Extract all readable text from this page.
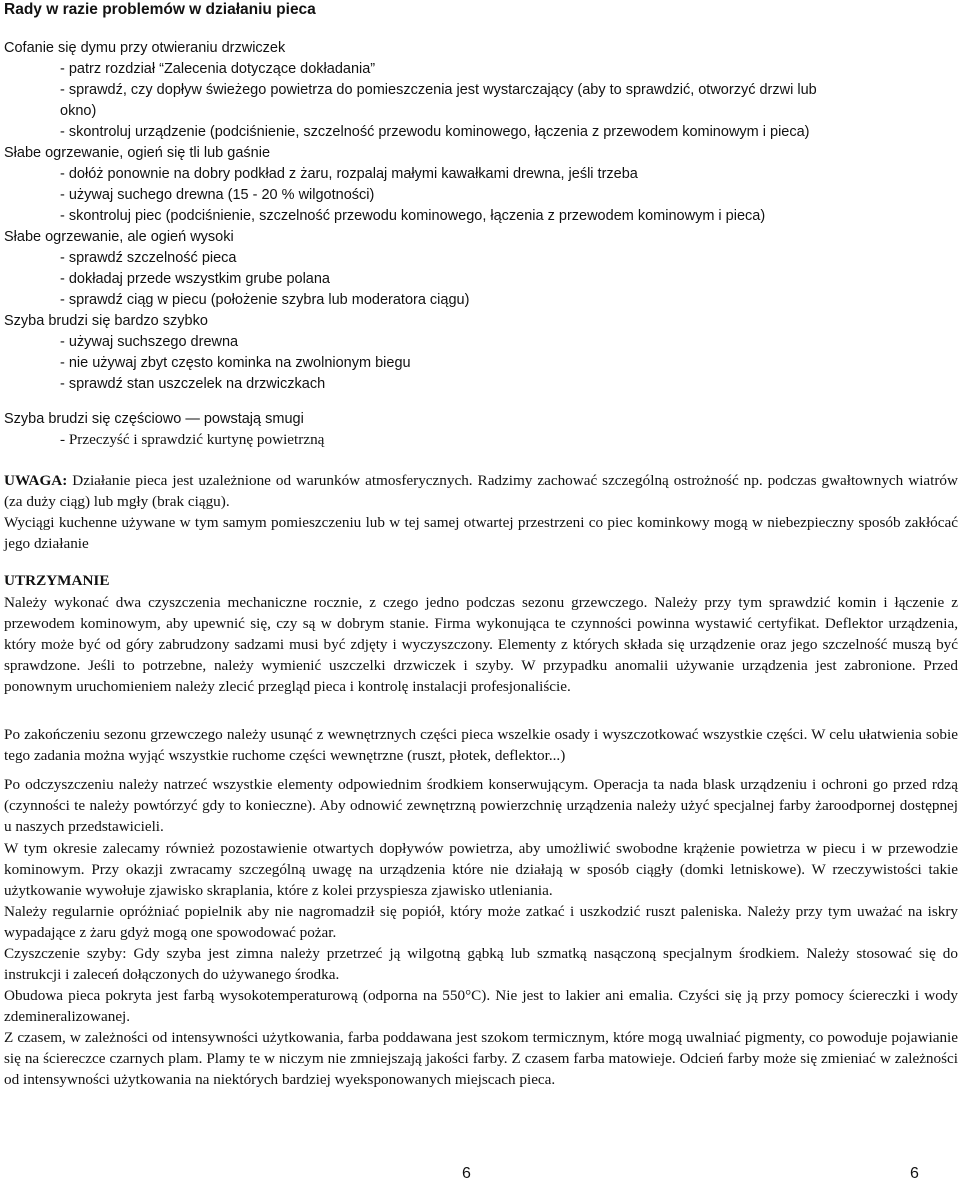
Rady w razie problemów w działaniu pieca
Cofanie się dymu przy otwieraniu drzwiczek
- patrz rozdział “Zalecenia dotyczące dokładania”
- sprawdź, czy dopływ świeżego powietrza do pomieszczenia jest wystarczający (aby to sprawdzić, otworzyć drzwi lub
okno)
- skontroluj urządzenie (podciśnienie, szczelność przewodu kominowego, łączenia z przewodem kominowym i pieca)
Słabe ogrzewanie, ogień się tli lub gaśnie
- dołóż ponownie na dobry podkład z żaru, rozpalaj małymi kawałkami drewna, jeśli trzeba
- używaj suchego drewna (15 - 20 % wilgotności)
- skontroluj piec (podciśnienie, szczelność przewodu kominowego, łączenia z przewodem kominowym i pieca)
Słabe ogrzewanie, ale ogień wysoki
- sprawdź szczelność pieca
- dokładaj przede wszystkim grube polana
- sprawdź ciąg w piecu (położenie szybra lub moderatora ciągu)
Szyba brudzi się bardzo szybko
- używaj suchszego drewna
- nie używaj zbyt często kominka na zwolnionym biegu
- sprawdź stan uszczelek na drzwiczkach
Szyba brudzi się częściowo — powstają smugi
- Przeczyść i sprawdzić kurtynę powietrzną
UWAGA: Działanie pieca jest uzależnione od warunków atmosferycznych. Radzimy zachować szczególną ostrożność np. podczas gwałtownych wiatrów (za duży ciąg) lub mgły (brak ciągu).
Wyciągi kuchenne używane w tym samym pomieszczeniu lub w tej samej otwartej przestrzeni co piec kominkowy mogą w niebezpieczny sposób zakłócać jego działanie
UTRZYMANIE
Należy wykonać dwa czyszczenia mechaniczne rocznie, z czego jedno podczas sezonu grzewczego. Należy przy tym sprawdzić komin i łączenie z przewodem kominowym, aby upewnić się, czy są w dobrym stanie. Firma wykonująca te czynności powinna wystawić certyfikat. Deflektor urządzenia, który może być od góry zabrudzony sadzami musi być zdjęty i wyczyszczony. Elementy z których składa się urządzenie oraz jego szczelność muszą być sprawdzone. Jeśli to potrzebne, należy wymienić uszczelki drzwiczek i szyby. W przypadku anomalii używanie urządzenia jest zabronione. Przed ponownym uruchomieniem należy zlecić przegląd pieca i kontrolę instalacji profesjonaliście.
Po zakończeniu sezonu grzewczego należy usunąć z wewnętrznych części pieca wszelkie osady i wyszczotkować wszystkie części. W celu ułatwienia sobie tego zadania można wyjąć wszystkie ruchome części wewnętrzne (ruszt, płotek, deflektor...)
Po odczyszczeniu należy natrzeć wszystkie elementy odpowiednim środkiem konserwującym. Operacja ta nada blask urządzeniu i ochroni go przed rdzą (czynności te należy powtórzyć gdy to konieczne). Aby odnowić zewnętrzną powierzchnię urządzenia należy użyć specjalnej farby żaroodpornej dostępnej u naszych przedstawicieli.
W tym okresie zalecamy również pozostawienie otwartych dopływów powietrza, aby umożliwić swobodne krążenie powietrza w piecu i w przewodzie kominowym. Przy okazji zwracamy szczególną uwagę na urządzenia które nie działają w sposób ciągły (domki letniskowe). W rzeczywistości takie użytkowanie wywołuje zjawisko skraplania, które z kolei przyspiesza zjawisko utleniania.
Należy regularnie opróżniać popielnik aby nie nagromadził się popiół, który może zatkać i uszkodzić ruszt paleniska. Należy przy tym uważać na iskry wypadające z żaru gdyż mogą one spowodować pożar.
Czyszczenie szyby: Gdy szyba jest zimna należy przetrzeć ją wilgotną gąbką lub szmatką nasączoną specjalnym środkiem. Należy stosować się do instrukcji i zaleceń dołączonych do używanego środka.
Obudowa pieca pokryta jest farbą wysokotemperaturową (odporna na 550°C). Nie jest to lakier ani emalia. Czyści się ją przy pomocy ściereczki i wody zdemineralizowanej.
Z czasem, w zależności od intensywności użytkowania, farba poddawana jest szokom termicznym, które mogą uwalniać pigmenty, co powoduje pojawianie się na ściereczce czarnych plam. Plamy te w niczym nie zmniejszają jakości farby. Z czasem farba matowieje. Odcień farby może się zmieniać w zależności od intensywności użytkowania na niektórych bardziej wyeksponowanych miejscach pieca.
6	6
